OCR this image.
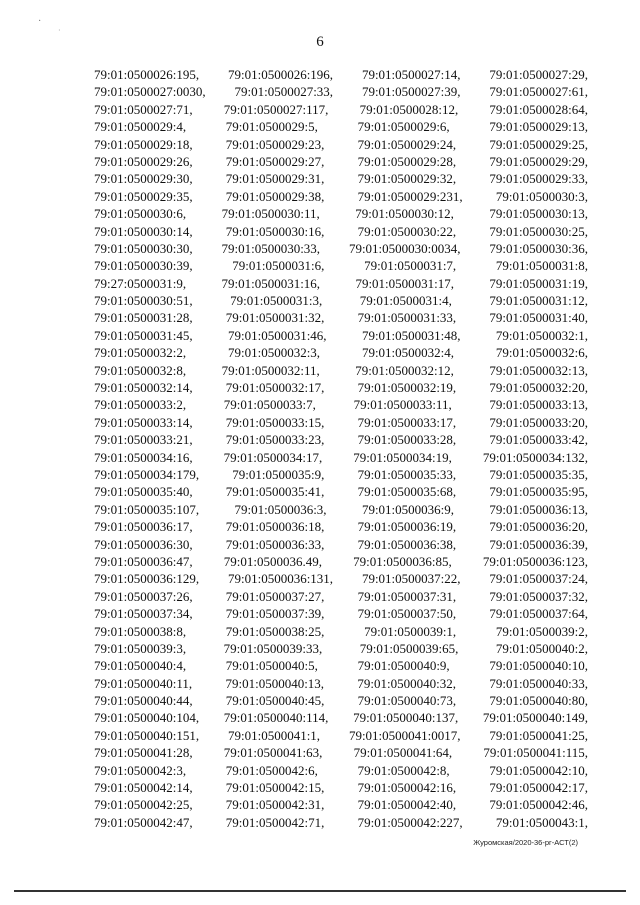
·
·
6
79:01:0500026:195, 79:01:0500026:196, 79:01:0500027:14, 79:01:0500027:29,
79:01:0500027:0030, 79:01:0500027:33, 79:01:0500027:39, 79:01:0500027:61,
79:01:0500027:71, 79:01:0500027:117, 79:01:0500028:12, 79:01:0500028:64,
79:01:0500029:4,	79:01:0500029:5,	79:01:0500029:6,	79:01:0500029:13,
79:01:0500029:18,	79:01:0500029:23,	79:01:0500029:24,	79:01:0500029:25,
79:01:0500029:26,	79:01:0500029:27,	79:01:0500029:28,	79:01:0500029:29,
79:01:0500029:30,	79:01:0500029:31,	79:01:0500029:32,	79:01:0500029:33,
79:01:0500029:35,	79:01:0500029:38,	79:01:0500029:231,	79:01:0500030:3,
79:01:0500030:6,	79:01:0500030:11,	79:01:0500030:12,	79:01:0500030:13,
79:01:0500030:14,	79:01:0500030:16,	79:01:0500030:22,	79:01:0500030:25,
79:01:0500030:30, 79:01:0500030:33, 79:01:0500030:0034, 79:01:0500030:36,
79:01:0500030:39,	79:01:0500031:6,	79:01:0500031:7,	79:01:0500031:8,
79:27:0500031:9,	79:01:0500031:16,	79:01:0500031:17,	79:01:0500031:19,
79:01:0500030:51,	79:01:0500031:3,	79:01:0500031:4,	79:01:0500031:12,
79:01:0500031:28,	79:01:0500031:32,	79:01:0500031:33,	79:01:0500031:40,
79:01:0500031:45,	79:01:0500031:46,	79:01:0500031:48,	79:01:0500032:1,
79:01:0500032:2,	79:01:0500032:3,	79:01:0500032:4,	79:01:0500032:6,
79:01:0500032:8,	79:01:0500032:11,	79:01:0500032:12,	79:01:0500032:13,
79:01:0500032:14,	79:01:0500032:17,	79:01:0500032:19,	79:01:0500032:20,
79:01:0500033:2,	79:01:0500033:7,	79:01:0500033:11,	79:01:0500033:13,
79:01:0500033:14,	79:01:0500033:15,	79:01:0500033:17,	79:01:0500033:20,
79:01:0500033:21,	79:01:0500033:23,	79:01:0500033:28,	79:01:0500033:42,
79:01:0500034:16, 79:01:0500034:17, 79:01:0500034:19, 79:01:0500034:132,
79:01:0500034:179,	79:01:0500035:9,	79:01:0500035:33,	79:01:0500035:35,
79:01:0500035:40,	79:01:0500035:41,	79:01:0500035:68,	79:01:0500035:95,
79:01:0500035:107,	79:01:0500036:3,	79:01:0500036:9,	79:01:0500036:13,
79:01:0500036:17,	79:01:0500036:18,	79:01:0500036:19,	79:01:0500036:20,
79:01:0500036:30,	79:01:0500036:33,	79:01:0500036:38,	79:01:0500036:39,
79:01:0500036:47, 79:01:0500036.49, 79:01:0500036:85, 79:01:0500036:123,
79:01:0500036:129, 79:01:0500036:131, 79:01:0500037:22, 79:01:0500037:24,
79:01:0500037:26,	79:01:0500037:27,	79:01:0500037:31,	79:01:0500037:32,
79:01:0500037:34,	79:01:0500037:39,	79:01:0500037:50,	79:01:0500037:64,
79:01:0500038:8,	79:01:0500038:25,	79:01:0500039:1,	79:01:0500039:2,
79:01:0500039:3,	79:01:0500039:33,	79:01:0500039:65,	79:01:0500040:2,
79:01:0500040:4,	79:01:0500040:5,	79:01:0500040:9,	79:01:0500040:10,
79:01:0500040:11,	79:01:0500040:13,	79:01:0500040:32,	79:01:0500040:33,
79:01:0500040:44,	79:01:0500040:45,	79:01:0500040:73,	79:01:0500040:80,
79:01:0500040:104, 79:01:0500040:114, 79:01:0500040:137, 79:01:0500040:149,
79:01:0500040:151, 79:01:0500041:1, 79:01:0500041:0017, 79:01:0500041:25,
79:01:0500041:28, 79:01:0500041:63, 79:01:0500041:64, 79:01:0500041:115,
79:01:0500042:3,	79:01:0500042:6,	79:01:0500042:8,	79:01:0500042:10,
79:01:0500042:14,	79:01:0500042:15,	79:01:0500042:16,	79:01:0500042:17,
79:01:0500042:25,	79:01:0500042:31,	79:01:0500042:40,	79:01:0500042:46,
79:01:0500042:47,	79:01:0500042:71,	79:01:0500042:227,	79:01:0500043:1,
Журомская/2020-36-рг-АСТ(2)
